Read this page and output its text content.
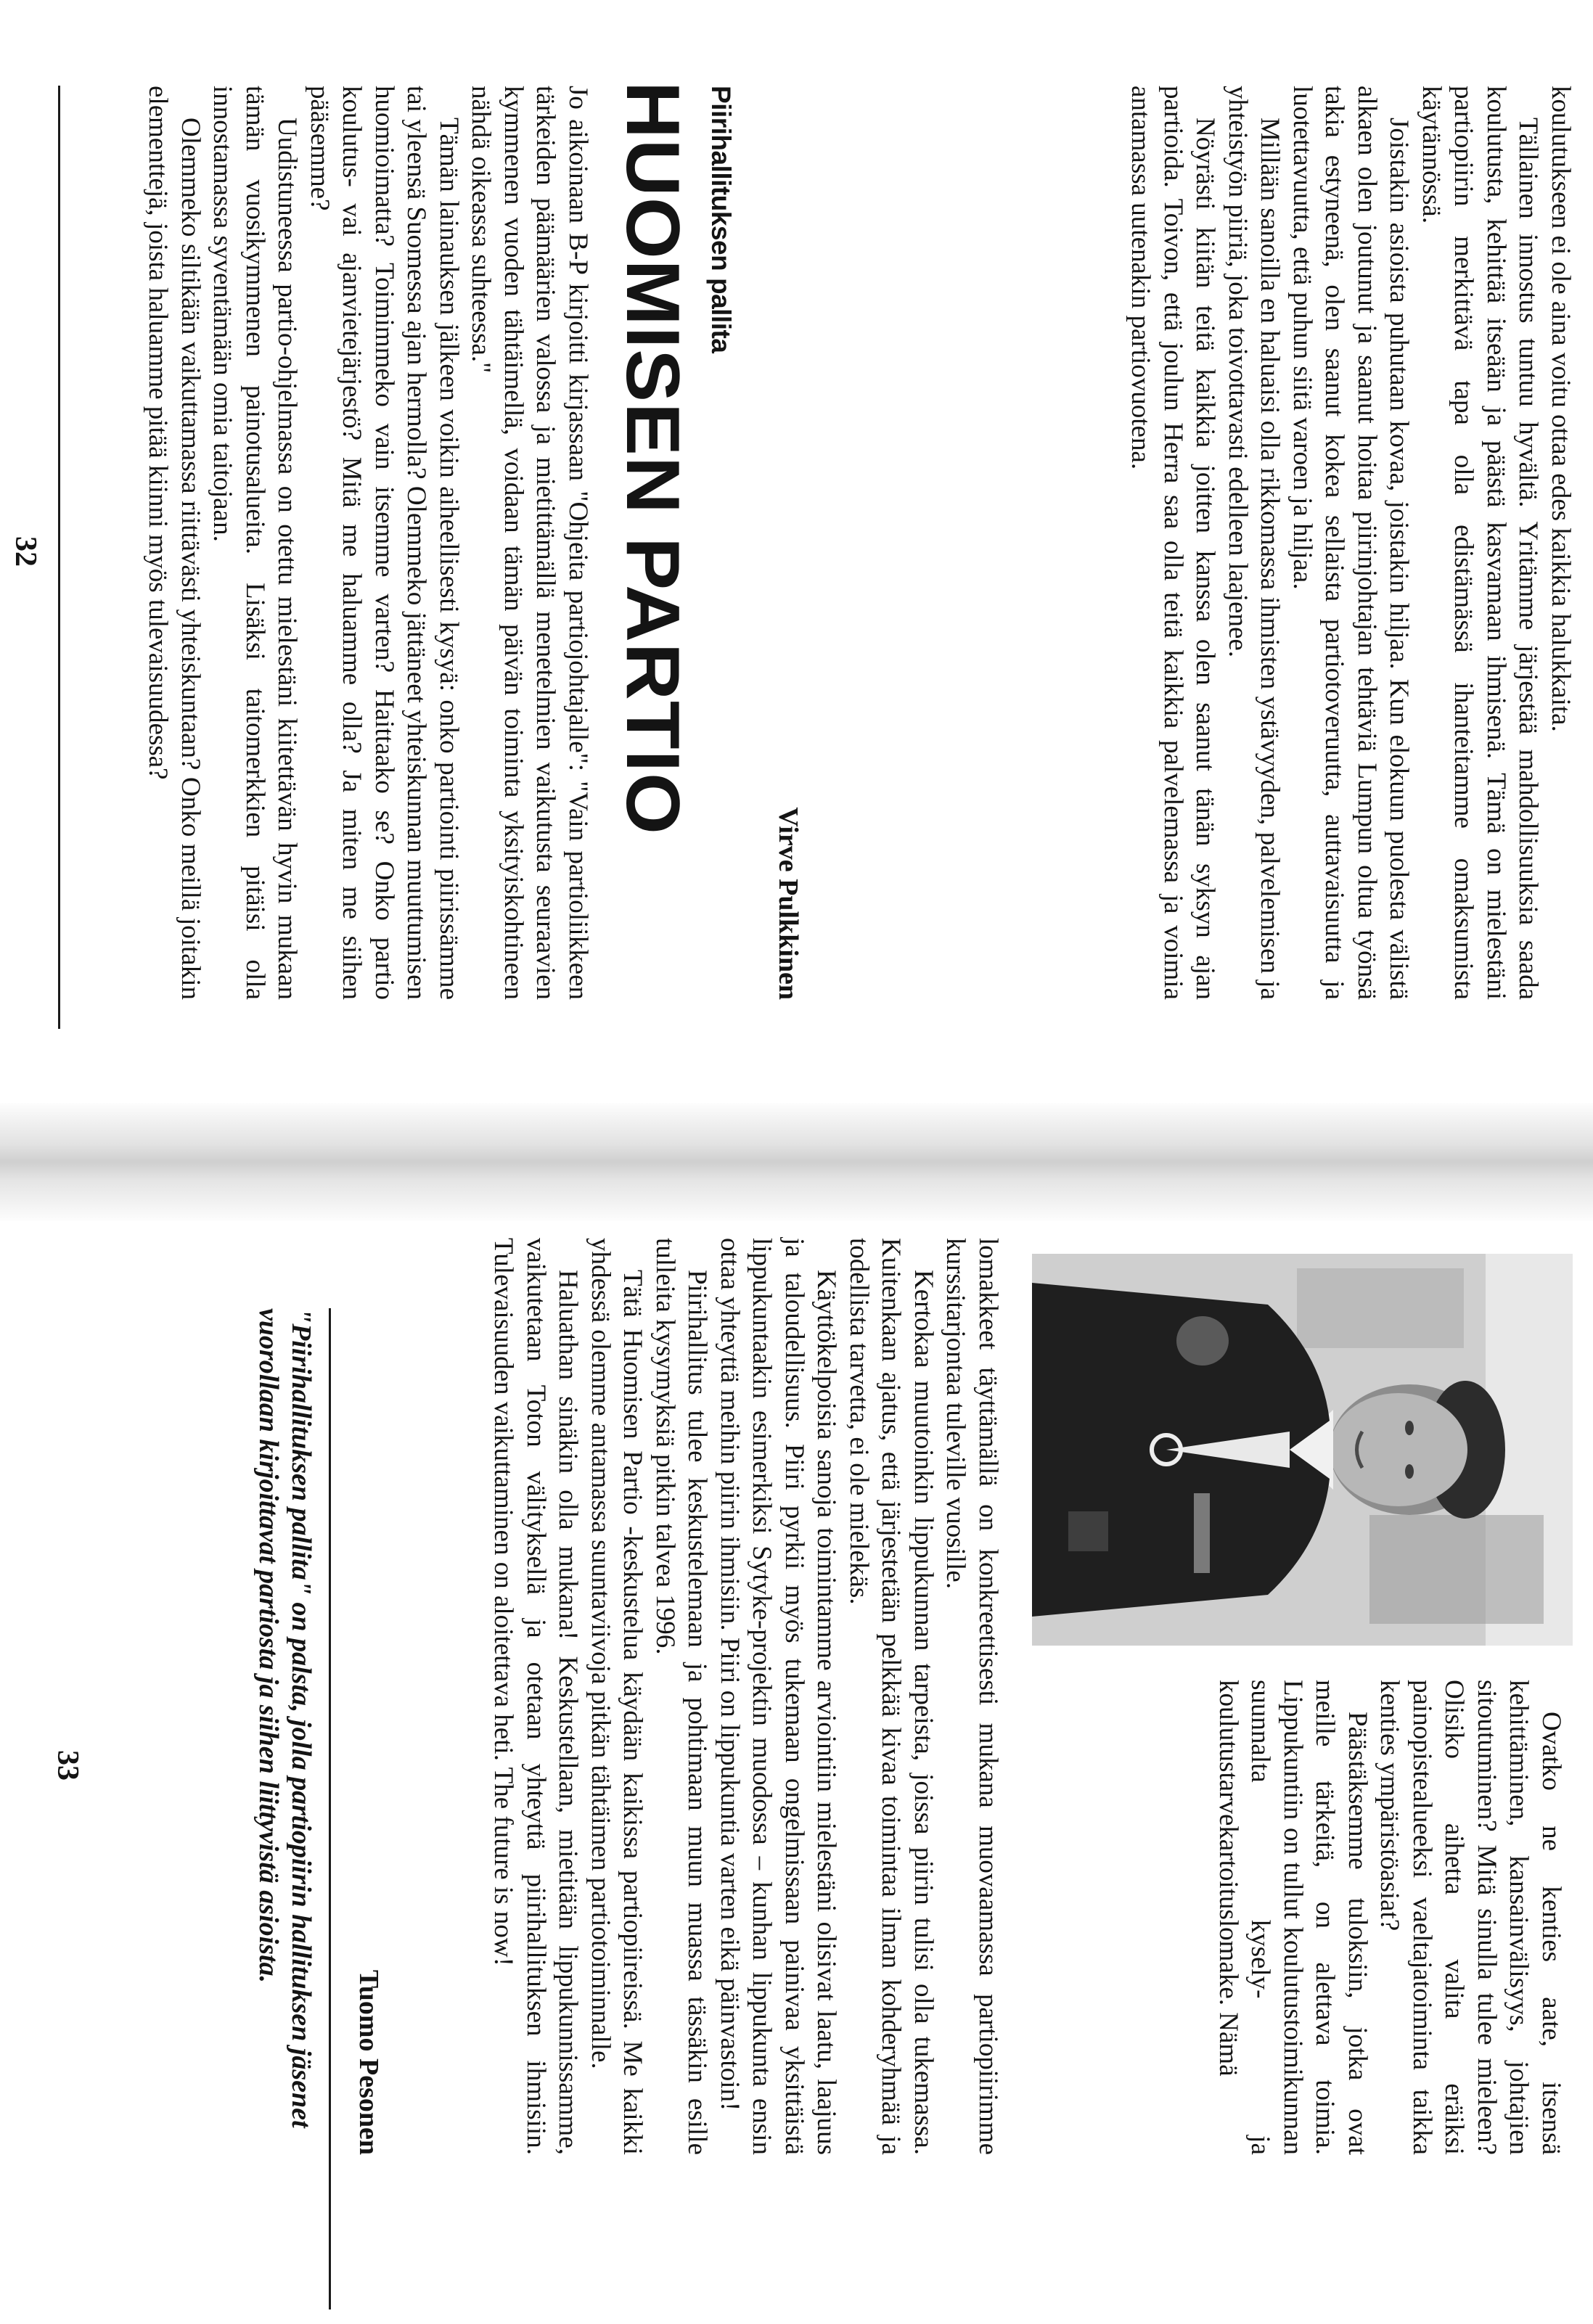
koulutukseen ei ole aina voitu ottaa edes kaikkia halukkaita.

Tällainen innostus tuntuu hyvältä. Yritämme järjestää mahdollisuuksia saada koulutusta, kehittää itseään ja päästä kasvamaan ihmisenä. Tämä on mielestäni partiopiirin merkittävä tapa olla edistämässä ihanteitamme omaksumista käytännössä.

Joistakin asioista puhutaan kovaa, joistakin hiljaa. Kun elokuun puolesta välistä alkaen olen joutunut ja saanut hoitaa piirinjohtajan tehtäviä Lumpun oltua työnsä takia estyneenä, olen saanut kokea sellaista partiotoveruutta, auttavaisuutta ja luotettavuutta, että puhun siitä varoen ja hiljaa.

Millään sanoilla en haluaisi olla rikkomassa ihmisten ystävyyden, palvelemisen ja yhteistyön piiriä, joka toivottavasti edelleen laajenee.

Nöyrästi kiitän teitä kaikkia joitten kanssa olen saanut tänän syksyn ajan partioida. Toivon, että joulun Herra saa olla teitä kaikkia palvelemassa ja voimia antamassa uutenakin partiovuotena.

Virve Pulkkinen
Piirihallituksen pallita
HUOMISEN PARTIO

Jo aikoinaan B-P kirjoitti kirjassaan "Ohjeita partiojohtajalle": "Vain partioliikkeen tärkeiden päämäärien valossa ja mietittämällä menetelmien vaikutusta seuraavien kymmenen vuoden tähtäimellä, voidaan tämän päivän toiminta yksityiskohtineen nähdä oikeassa suhteessa."

Tämän lainauksen jälkeen voikin aiheellisesti kysyä: onko partiointi piirissämme tai yleensä Suomessa ajan hermolla? Olemmeko jättäneet yhteiskunnan muuttumisen huomioimatta? Toimimmeko vain itsemme varten? Haittaako se? Onko partio koulutus- vai ajanvietejärjestö? Mitä me haluamme olla? Ja miten me siihen pääsemme?

Uudistuneessa partio-ohjelmassa on otettu mielestäni kiitettävän hyvin mukaan tämän vuosikymmenen painotusalueita. Lisäksi taitomerkkien pitäisi olla innostamassa syventämään omia taitojaan.

Olemmeko siltikään vaikuttamassa riittävästi yhteiskuntaan? Onko meillä joitakin elementtejä, joista haluamme pitää kiinni myös tulevaisuudessa?

32

Ovatko ne kenties aate, itsensä kehittäminen, kansainvälisyys, johtajien sitoutuminen? Mitä sinulla tulee mieleen? Olisiko aihetta valita eräiksi painopistealueeksi vaeltajatoiminta taikka kenties ympäristöasiat?

Päästäksemme tuloksiin, jotka ovat meille tärkeitä, on alettava toimia. Lippukuntiin on tullut koulutustoimikunnan suunnalta kysely- ja koulutustarvekartoituslomake. Nämä

lomakkeet täyttämällä on konkreettisesti mukana muovaamassa partiopiirimme kurssitarjontaa tuleville vuosille.

Kertokaa muutoinkin lippukunnan tarpeista, joissa piirin tulisi olla tukemassa. Kuitenkaan ajatus, että järjestetään pelkkää kivaa toimintaa ilman kohderyhmää ja todellista tarvetta, ei ole mielekäs.

Käyttökelpoisia sanoja toimintamme arviointiin mielestäni olisivat laatu, laajuus ja taloudellisuus. Piiri pyrkii myös tukemaan ongelmissaan painivaa yksittäistä lippukuntaakin esimerkiksi Sytyke-projektin muodossa – kunhan lippukunta ensin ottaa yhteyttä meihin piirin ihmisiin. Piiri on lippukuntia varten eikä päinvastoin!

Piirihallitus tulee keskustelemaan ja pohtimaan muun muassa tässäkin esille tulleita kysymyksiä pitkin talvea 1996.

Tätä Huomisen Partio -keskustelua käydään kaikissa partiopiireissä. Me kaikki yhdessä olemme antamassa suuntaviivoja pitkän tähtäimen partiotoiminnalle.

Haluathan sinäkin olla mukana! Keskustellaan, mietitään lippukunnissamme, vaikutetaan Toton välityksellä ja otetaan yhteyttä piirihallituksen ihmisiin. Tulevaisuuden vaikuttaminen on aloitettava heti. The future is now!

Tuomo Pesonen
"Piirihallituksen pallita" on palsta, jolla partiopiirin hallituksen jäsenet vuorollaan kirjoittavat partiosta ja siihen liittyvistä asioista.
33
